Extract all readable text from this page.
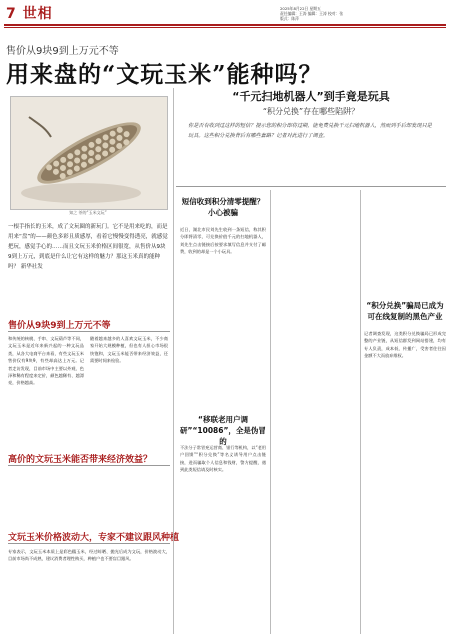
7 世相	2025年8月22日 星期五
责任编辑：王涛 编辑：王涛 校对：张
版式：陈萍
售价从9块9到上万元不等
用来盘的“文玩玉米”能种吗？
知之 茶的“玉米文玩”
一根手指长的玉米，成了文玩圈的新玩门。它不是用来吃的，而是用来“盘”的——颜色多彩且质感厚，看着它慢慢变得透亮，就感觉把玩，感觉手心的……而且文玩玉米价格区间很宽，从售价从9块9到上万元，到底是什么让它有这样的魅力？那这玉米真的能种吗？ 新华社发
售价从9块9到上万元不等
和传统的核桃、手串、文玩葫芦等不同，文玩玉米是近年来新兴起的一种文玩品类，从各大电商平台来看，有些文玩玉米售价仅有9块9，有些却高达上万元。记者走访发现，目前市场中主要以外观、色泽和稀有程度来定价，颜色越稀有、越漂亮，价格越高。
随着越来越多的人喜欢文玩玉米，不少商家开始大规模种植，但也有人担心市场很快饱和，文玩玉米能否带来经济效益，还需要时间来检验。
高价的文玩玉米能否带来经济效益？
文玩玉米价格波动大，专家不建议跟风种植
专家表示，文玩玉米本质上是彩色糯玉米，经过晾晒、抛光后成为文玩，价格波动大，目前市场尚不成熟，建议消费者理性购买，种植户也不要盲目跟风。
“千元扫地机器人”到手竟是玩具
“积分兑换”存在哪些陷阱？
你是否有收到过这样的短信？提示您的积分即将过期，能免费兑换千元扫地机器人，然而到手后却发现只是玩具。这些积分兑换背后有哪些套路？记者对此进行了调查。
短信收到积分清零提醒？小心被骗
近日，湖北市民刘先生收到一条短信，称其积分即将清零，可兑换价值千元的扫地机器人，刘先生点击链接后按要求填写信息并支付了邮费，收到的却是一个小玩具。
“移联老用户调研”“10086”，全是伪冒的
不法分子常冒充运营商、银行等机构，以“老用户回馈”“积分兑换”等名义诱导用户点击链接，进而骗取个人信息和钱财，警方提醒，遇到此类短信请及时核实。
“积分兑换”骗局已成为可在线复制的黑色产业
记者调查发现，这类积分兑换骗局已形成完整的产业链，从短信群发到网站搭建，均有专人负责，成本低、传播广，受害者往往因金额不大而放弃维权。
